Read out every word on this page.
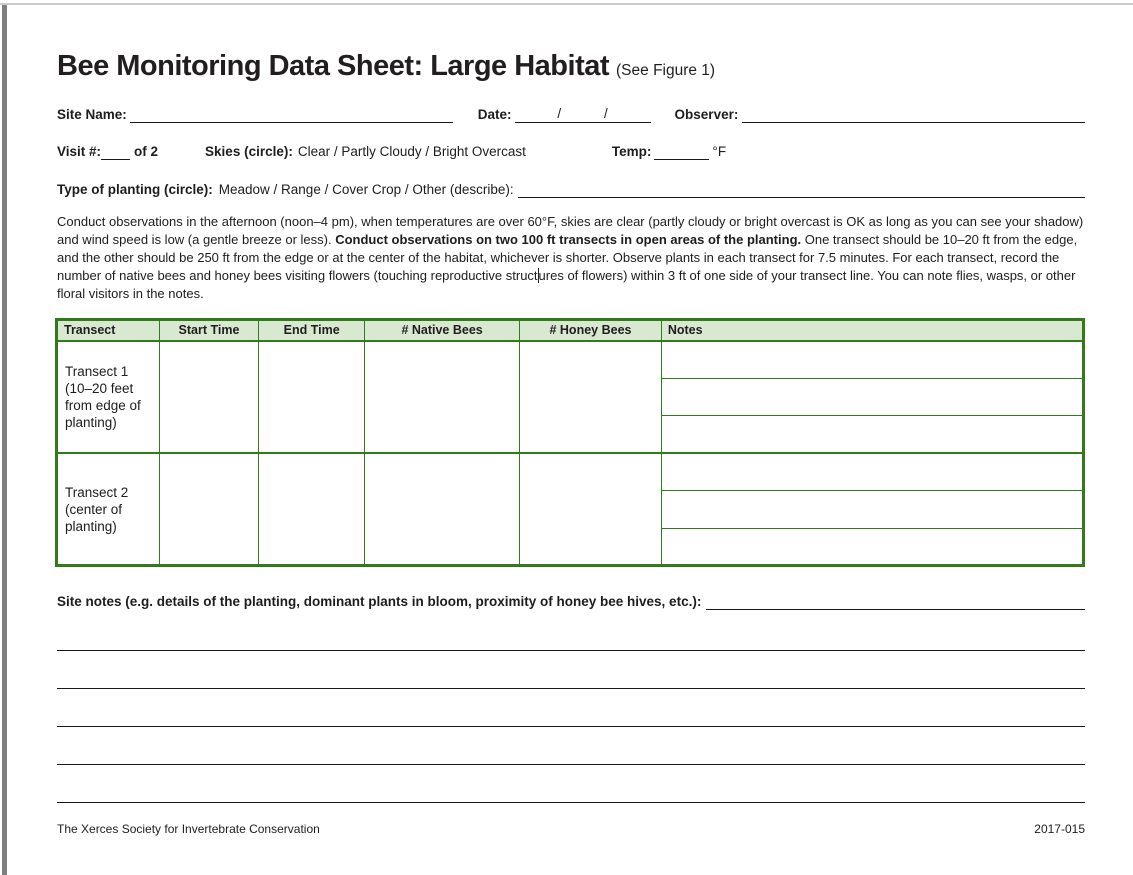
Bee Monitoring Data Sheet: Large Habitat (See Figure 1)
Site Name:	Date:	/	/	Observer:
Visit #: of 2	Skies (circle): Clear / Partly Cloudy / Bright Overcast	Temp:	°F
Type of planting (circle): Meadow / Range / Cover Crop / Other (describe):

Conduct observations in the afternoon (noon–4 pm), when temperatures are over 60°F, skies are clear (partly cloudy or bright overcast is OK as long as you can see your shadow) and wind speed is low (a gentle breeze or less). Conduct observations on two 100 ft transects in open areas of the planting. One transect should be 10–20 ft from the edge, and the other should be 250 ft from the edge or at the center of the habitat, whichever is shorter. Observe plants in each transect for 7.5 minutes. For each transect, record the number of native bees and honey bees visiting flowers (touching reproductive structures of flowers) within 3 ft of one side of your transect line. You can note flies, wasps, or other floral visitors in the notes.

Transect	Start Time	End Time	# Native Bees	# Honey Bees	Notes
Transect 1 (10–20 feet from edge of planting)					

Transect 2 (center of planting)					

Site notes (e.g. details of the planting, dominant plants in bloom, proximity of honey bee hives, etc.):
The Xerces Society for Invertebrate Conservation	2017-015
